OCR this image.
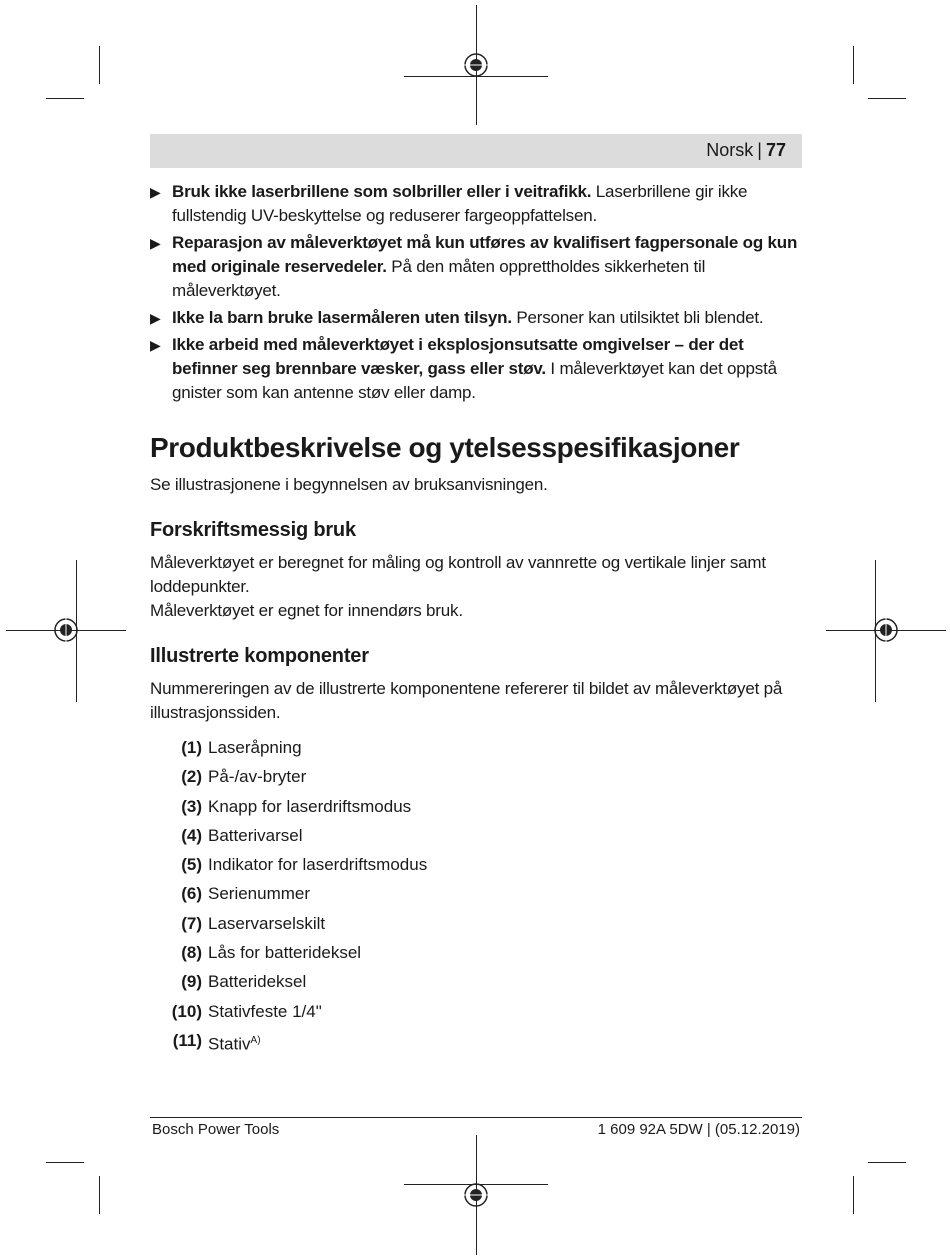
Norsk | 77
▶ Bruk ikke laserbrillene som solbriller eller i veitrafikk. Laserbrillene gir ikke fullstendig UV-beskyttelse og reduserer fargeoppfattelsen.
▶ Reparasjon av måleverktøyet må kun utføres av kvalifisert fagpersonale og kun med originale reservedeler. På den måten opprettholdes sikkerheten til måleverktøyet.
▶ Ikke la barn bruke lasermåleren uten tilsyn. Personer kan utilsiktet bli blendet.
▶ Ikke arbeid med måleverktøyet i eksplosjonsutsatte omgivelser – der det befinner seg brennbare væsker, gass eller støv. I måleverktøyet kan det oppstå gnister som kan antenne støv eller damp.
Produktbeskrivelse og ytelsesspesifikasjoner

Se illustrasjonene i begynnelsen av bruksanvisningen.

Forskriftsmessig bruk

Måleverktøyet er beregnet for måling og kontroll av vannrette og vertikale linjer samt loddepunkter.

Måleverktøyet er egnet for innendørs bruk.

Illustrerte komponenter

Nummereringen av de illustrerte komponentene refererer til bildet av måleverktøyet på illustrasjonssiden.

(1) Laseråpning
(2) På-/av-bryter
(3) Knapp for laserdriftsmodus
(4) Batterivarsel
(5) Indikator for laserdriftsmodus
(6) Serienummer
(7) Laservarselskilt
(8) Lås for batterideksel
(9) Batterideksel
(10) Stativfeste 1/4"
(11) Stativ$^{A)}$
Bosch Power Tools	1 609 92A 5DW | (05.12.2019)
